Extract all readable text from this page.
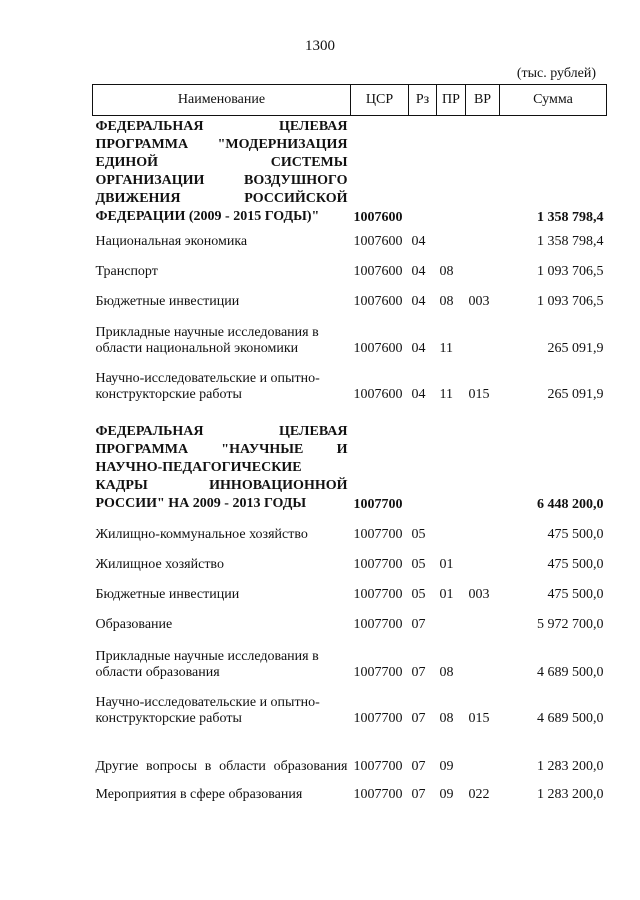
1300
(тыс. рублей)
Наименование	ЦСР	Рз	ПР	ВР	Сумма
ФЕДЕРАЛЬНАЯ ЦЕЛЕВАЯ ПРОГРАММА "МОДЕРНИЗАЦИЯ ЕДИНОЙ СИСТЕМЫ ОРГАНИЗАЦИИ ВОЗДУШНОГО ДВИЖЕНИЯ РОССИЙСКОЙ ФЕДЕРАЦИИ (2009 - 2015 ГОДЫ)"	1007600				1 358 798,4
Национальная экономика	1007600	04			1 358 798,4
Транспорт	1007600	04	08		1 093 706,5
Бюджетные инвестиции	1007600	04	08	003	1 093 706,5
Прикладные научные исследования в области национальной экономики	1007600	04	11		265 091,9
Научно-исследовательские и опытно-конструкторские работы	1007600	04	11	015	265 091,9
ФЕДЕРАЛЬНАЯ ЦЕЛЕВАЯ ПРОГРАММА "НАУЧНЫЕ И НАУЧНО-ПЕДАГОГИЧЕСКИЕ КАДРЫ ИННОВАЦИОННОЙ РОССИИ" НА 2009 - 2013 ГОДЫ	1007700				6 448 200,0
Жилищно-коммунальное хозяйство	1007700	05			475 500,0
Жилищное хозяйство	1007700	05	01		475 500,0
Бюджетные инвестиции	1007700	05	01	003	475 500,0
Образование	1007700	07			5 972 700,0
Прикладные научные исследования в области образования	1007700	07	08		4 689 500,0
Научно-исследовательские и опытно-конструкторские работы	1007700	07	08	015	4 689 500,0
Другие вопросы в области образования	1007700	07	09		1 283 200,0
Мероприятия в сфере образования	1007700	07	09	022	1 283 200,0
